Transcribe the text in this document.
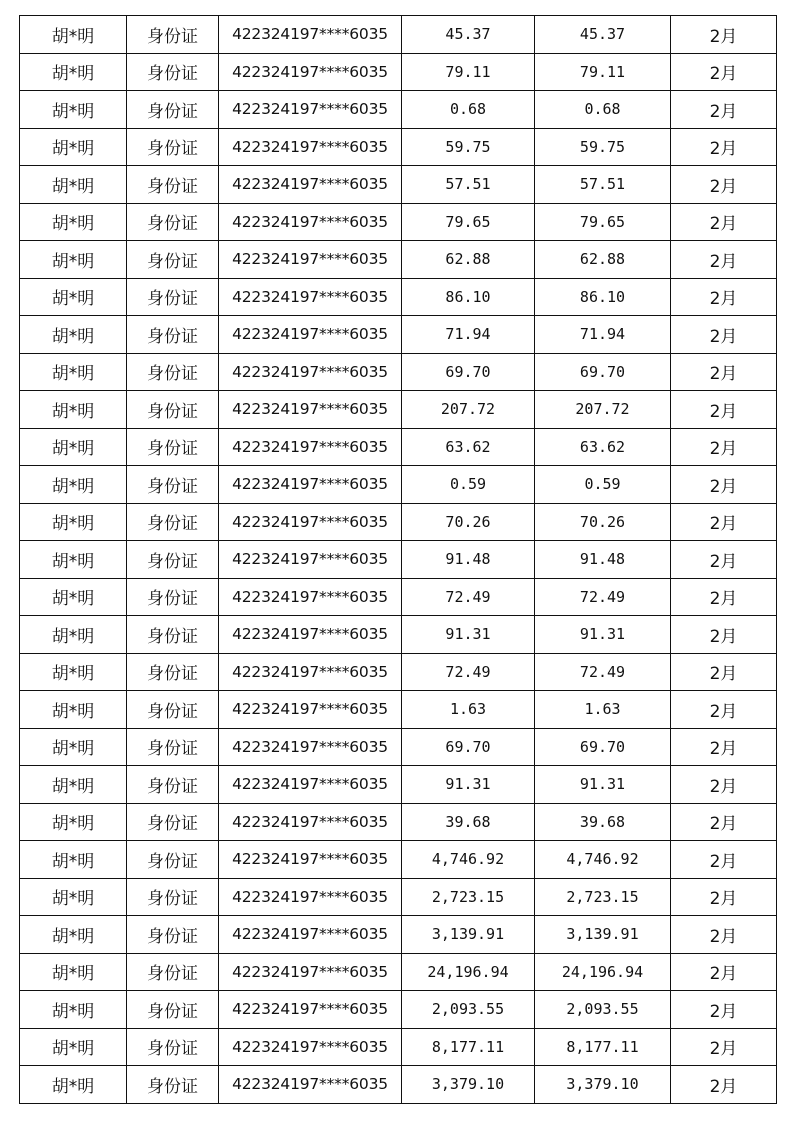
胡*明	身份证	422324197****6035	45.37	45.37	2月
胡*明	身份证	422324197****6035	79.11	79.11	2月
胡*明	身份证	422324197****6035	0.68	0.68	2月
胡*明	身份证	422324197****6035	59.75	59.75	2月
胡*明	身份证	422324197****6035	57.51	57.51	2月
胡*明	身份证	422324197****6035	79.65	79.65	2月
胡*明	身份证	422324197****6035	62.88	62.88	2月
胡*明	身份证	422324197****6035	86.10	86.10	2月
胡*明	身份证	422324197****6035	71.94	71.94	2月
胡*明	身份证	422324197****6035	69.70	69.70	2月
胡*明	身份证	422324197****6035	207.72	207.72	2月
胡*明	身份证	422324197****6035	63.62	63.62	2月
胡*明	身份证	422324197****6035	0.59	0.59	2月
胡*明	身份证	422324197****6035	70.26	70.26	2月
胡*明	身份证	422324197****6035	91.48	91.48	2月
胡*明	身份证	422324197****6035	72.49	72.49	2月
胡*明	身份证	422324197****6035	91.31	91.31	2月
胡*明	身份证	422324197****6035	72.49	72.49	2月
胡*明	身份证	422324197****6035	1.63	1.63	2月
胡*明	身份证	422324197****6035	69.70	69.70	2月
胡*明	身份证	422324197****6035	91.31	91.31	2月
胡*明	身份证	422324197****6035	39.68	39.68	2月
胡*明	身份证	422324197****6035	4,746.92	4,746.92	2月
胡*明	身份证	422324197****6035	2,723.15	2,723.15	2月
胡*明	身份证	422324197****6035	3,139.91	3,139.91	2月
胡*明	身份证	422324197****6035	24,196.94	24,196.94	2月
胡*明	身份证	422324197****6035	2,093.55	2,093.55	2月
胡*明	身份证	422324197****6035	8,177.11	8,177.11	2月
胡*明	身份证	422324197****6035	3,379.10	3,379.10	2月
